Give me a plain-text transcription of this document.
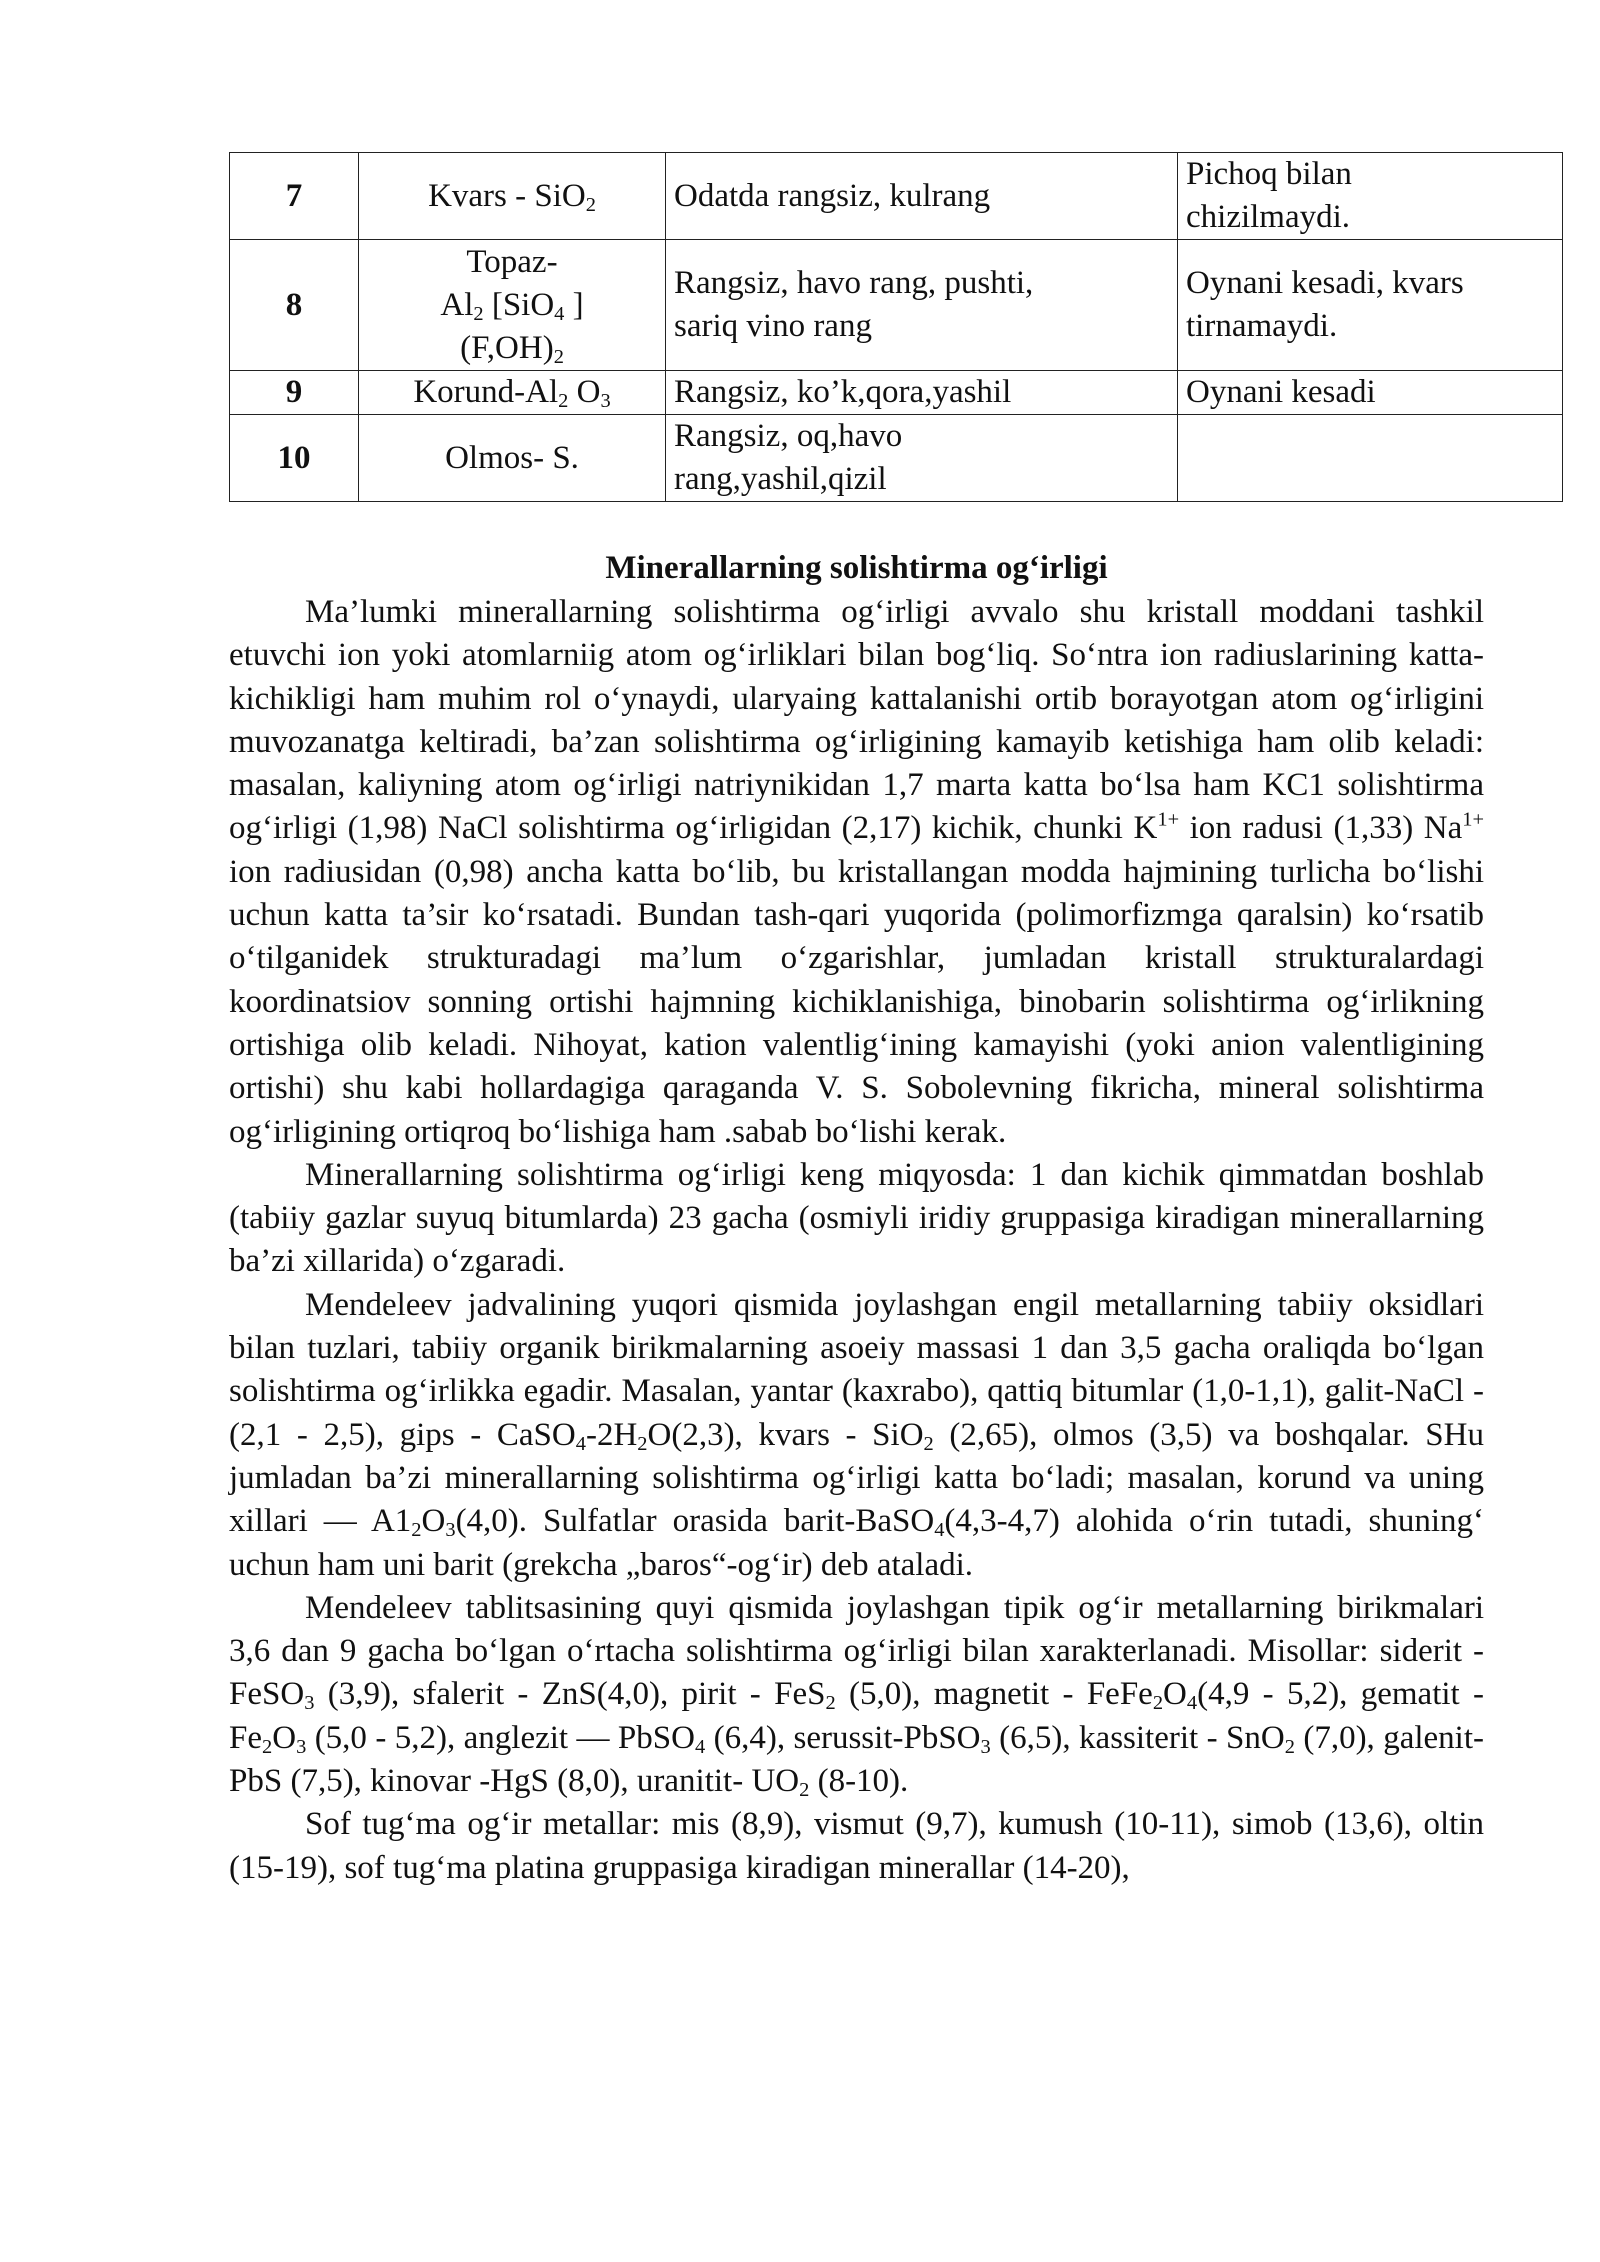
7	Kvars - SiO$_2$	Odatda rangsiz, kulrang	Pichoq bilan
chizilmaydi.
8	Topaz-
$Al_2$ [SiO$_4$ ]
$(F,OH)_2$	Rangsiz, havo rang, pushti,
sariq vino rang	Oynani kesadi, kvars
tirnamaydi.
9	Korund-$Al_2$ $O_3$	Rangsiz, ko’k,qora,yashil	Oynani kesadi
10	Olmos- S.	Rangsiz, oq,havo
rang,yashil,qizil	
Minerallarning solishtirma og‘irligi

Ma’lumki minerallarning solishtirma og‘irligi avvalo shu kristall moddani tashkil etuvchi ion yoki atomlarniig atom og‘irliklari bilan bog‘liq. So‘ntra ion radiuslarining katta-kichikligi ham muhim rol o‘ynaydi, ularyaing kattalanishi ortib borayotgan atom og‘irligini muvozanatga keltiradi, ba’zan solishtirma og‘irligining kamayib ketishiga ham olib keladi: masalan, kaliyning atom og‘irligi natriynikidan 1,7 marta katta bo‘lsa ham KC1 solishtirma og‘irligi (1,98) NaCl solishtirma og‘irligidan (2,17) kichik, chunki $K^{1+}$ ion radusi (1,33) $Na^{1+}$ ion radiusidan (0,98) ancha katta bo‘lib, bu kristallangan modda hajmining turlicha bo‘lishi uchun katta ta’sir ko‘rsatadi. Bundan tash-qari yuqorida (polimorfizmga qaralsin) ko‘rsatib o‘tilganidek strukturadagi ma’lum o‘zgarishlar, jumladan kristall strukturalardagi koordinatsiov sonning ortishi hajmning kichiklanishiga, binobarin solishtirma og‘irlikning ortishiga olib keladi. Nihoyat, kation valentlig‘ining kamayishi (yoki anion valentligining ortishi) shu kabi hollardagiga qaraganda V. S. Sobolevning fikricha, mineral solishtirma og‘irligining ortiqroq bo‘lishiga ham .sabab bo‘lishi kerak.

Minerallarning solishtirma og‘irligi keng miqyosda: 1 dan kichik qimmatdan boshlab (tabiiy gazlar suyuq bitumlarda) 23 gacha (osmiyli iridiy gruppasiga kiradigan minerallarning ba’zi xillarida) o‘zgaradi.

Mendeleev jadvalining yuqori qismida joylashgan engil metallarning tabiiy oksidlari bilan tuzlari, tabiiy organik birikmalarning asoeiy massasi 1 dan 3,5 gacha oraliqda bo‘lgan solishtirma og‘irlikka egadir. Masalan, yantar (kaxrabo), qattiq bitumlar (1,0-1,1), galit-NaCl - (2,1 - 2,5), gips - $CaSO_4-2H_2O(2,3)$, kvars - SiO$_2$ (2,65), olmos (3,5) va boshqalar. SHu jumladan ba’zi minerallarning solishtirma og‘irligi katta bo‘ladi; masalan, korund va uning xillari — $A1_2O_3(4,0)$. Sulfatlar orasida barit-BaSO$_4$(4,3-4,7) alohida o‘rin tutadi, shuning‘ uchun ham uni barit (grekcha „baros“-og‘ir) deb ataladi.

Mendeleev tablitsasining quyi qismida joylashgan tipik og‘ir metallarning birikmalari 3,6 dan 9 gacha bo‘lgan o‘rtacha solishtirma og‘irligi bilan xarakterlanadi. Misollar: siderit - FeSO$_3$ (3,9), sfalerit - ZnS(4,0), pirit - FeS$_2$ (5,0), magnetit - $FeFe_2O_4(4,9 - 5,2)$, gematit - $Fe_2O_3$ (5,0 - 5,2), anglezit — PbSO$_4$ (6,4), serussit-PbSO$_3$ (6,5), kassiterit - SnO$_2$ (7,0), galenit-PbS (7,5), kinovar -HgS (8,0), uranitit- $UO_2$ (8-10).

Sof tug‘ma og‘ir metallar: mis (8,9), vismut (9,7), kumush (10-11), simob (13,6), oltin (15-19), sof tug‘ma platina gruppasiga kiradigan minerallar (14-20),
